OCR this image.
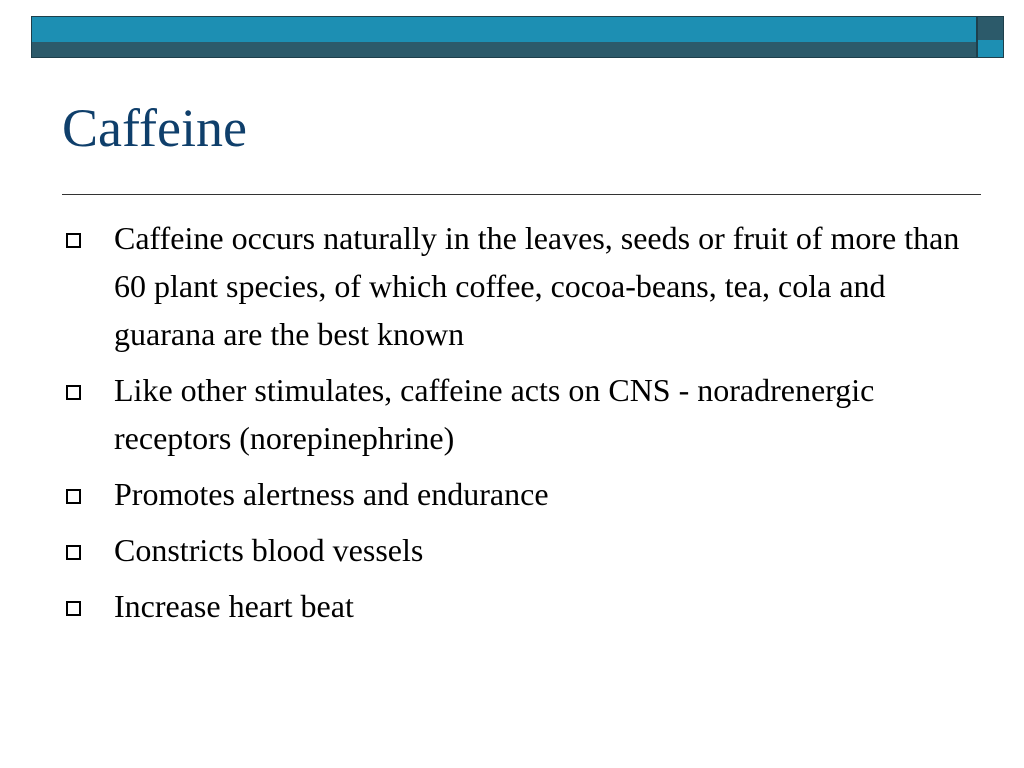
Caffeine
Caffeine occurs naturally in the leaves, seeds or fruit of more than 60 plant species, of which coffee, cocoa-beans, tea, cola and guarana are the best known
Like other stimulates, caffeine acts on CNS - noradrenergic receptors (norepinephrine)
Promotes alertness and endurance
Constricts blood vessels
Increase heart beat
